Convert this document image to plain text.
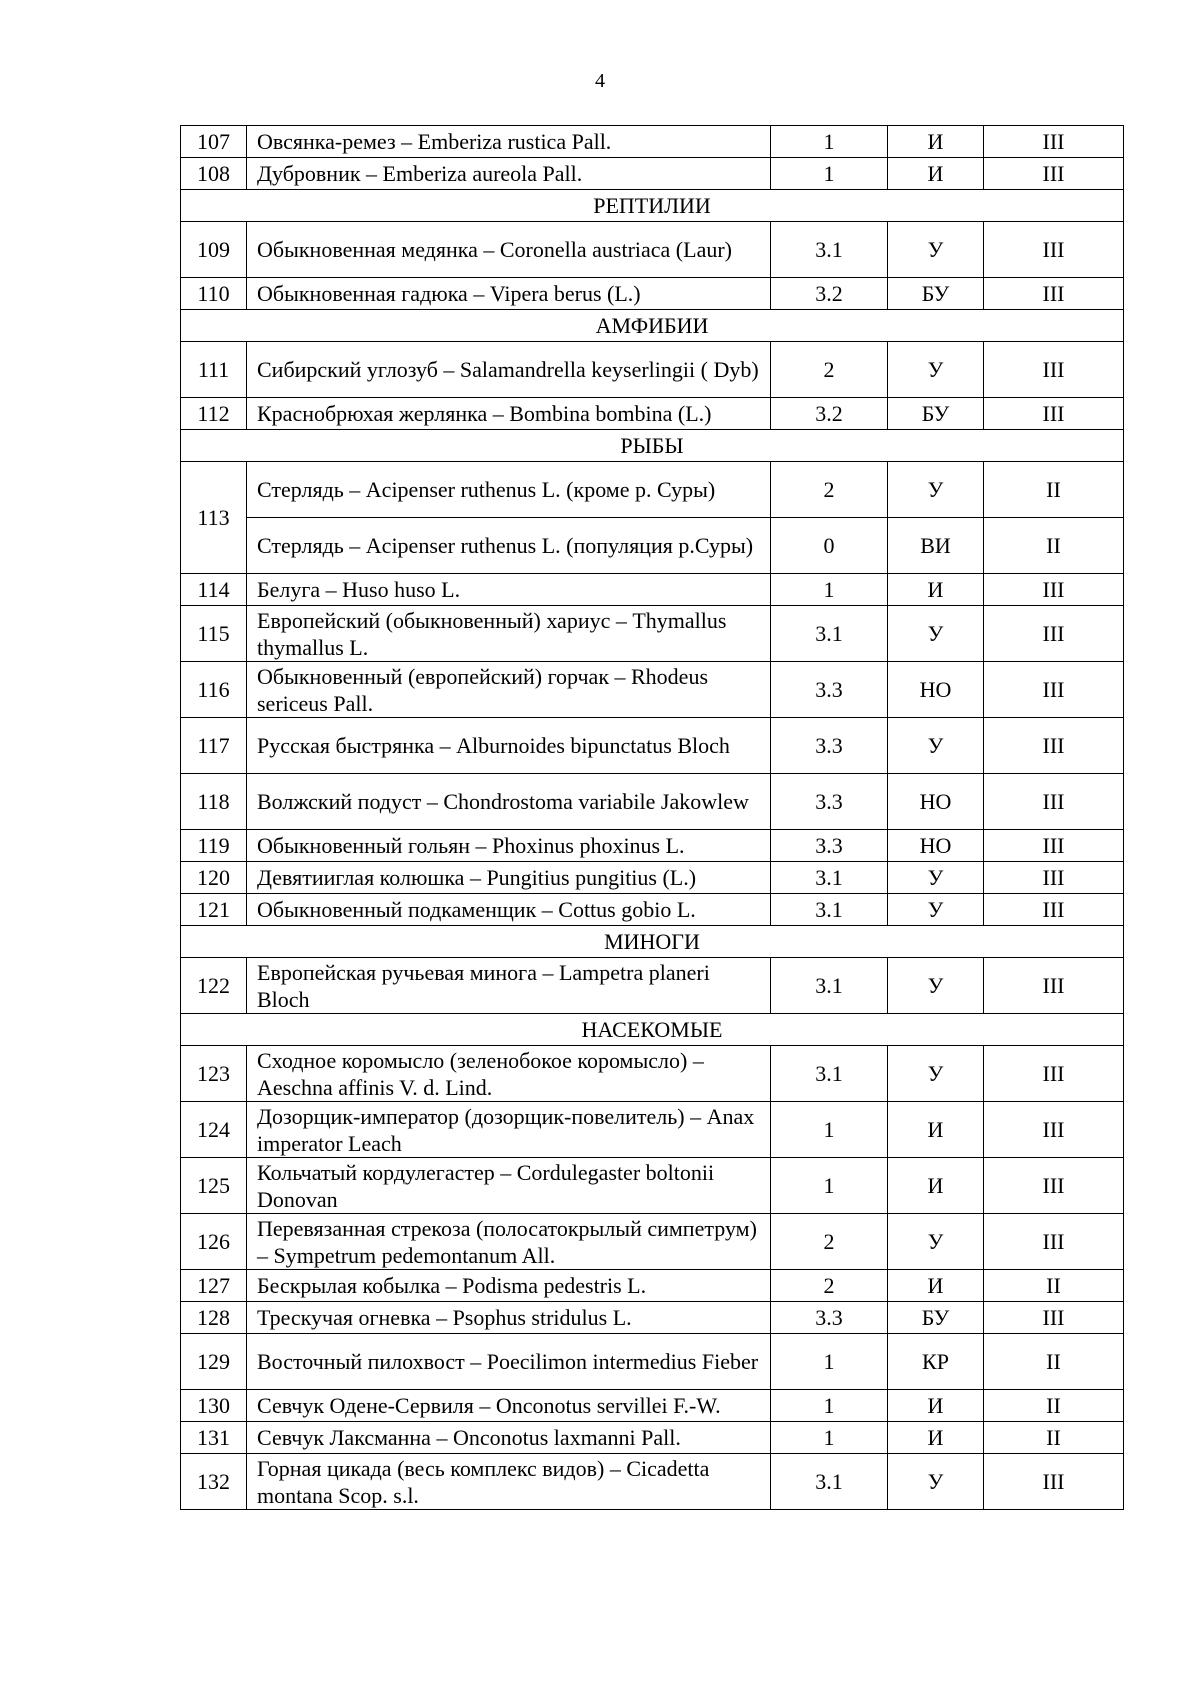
4
107	Овсянка-ремез – Emberiza rustica Pall.	1	И	III
108	Дубровник – Emberiza aureola Pall.	1	И	III
РЕПТИЛИИ				
109	Обыкновенная медянка – Coronella austriaca (Laur)	3.1	У	III
110	Обыкновенная гадюка – Vipera berus (L.)	3.2	БУ	III
АМФИБИИ				
111	Сибирский углозуб – Salamandrella keyserlingii ( Dyb)	2	У	III
112	Краснобрюхая жерлянка – Bombina bombina (L.)	3.2	БУ	III
РЫБЫ				
113	Стерлядь – Acipenser ruthenus L. (кроме р. Суры)	2	У	II
	Стерлядь – Acipenser ruthenus L. (популяция р.Суры)	0	ВИ	II
114	Белуга – Huso huso L.	1	И	III
115	Европейский (обыкновенный) хариус – Thymallus thymallus L.	3.1	У	III
116	Обыкновенный (европейский) горчак – Rhodeus sericeus Pall.	3.3	НО	III
117	Русская быстрянка – Alburnoides bipunctatus Bloch	3.3	У	III
118	Волжский подуст – Chondrostoma variabile Jakowlew	3.3	НО	III
119	Обыкновенный гольян – Phoxinus phoxinus L.	3.3	НО	III
120	Девятииглая колюшка – Pungitius pungitius (L.)	3.1	У	III
121	Обыкновенный подкаменщик – Cottus gobio L.	3.1	У	III
МИНОГИ				
122	Европейская ручьевая минога – Lampetra planeri Bloch	3.1	У	III
НАСЕКОМЫЕ				
123	Сходное коромысло (зеленобокое коромысло) – Aeschna affinis V. d. Lind.	3.1	У	III
124	Дозорщик-император (дозорщик-повелитель) – Anax imperator Leach	1	И	III
125	Кольчатый кордулегастер – Cordulegaster boltonii Donovan	1	И	III
126	Перевязанная стрекоза (полосатокрылый симпетрум) – Sympetrum pedemontanum All.	2	У	III
127	Бескрылая кобылка – Podisma pedestris L.	2	И	II
128	Трескучая огневка – Psophus stridulus L.	3.3	БУ	III
129	Восточный пилохвост – Poecilimon intermedius Fieber	1	КР	II
130	Севчук Одене-Сервиля – Onconotus servillei F.-W.	1	И	II
131	Севчук Лаксманна – Onconotus laxmanni Pall.	1	И	II
132	Горная цикада (весь комплекс видов) – Cicadetta montana Scop. s.l.	3.1	У	III
